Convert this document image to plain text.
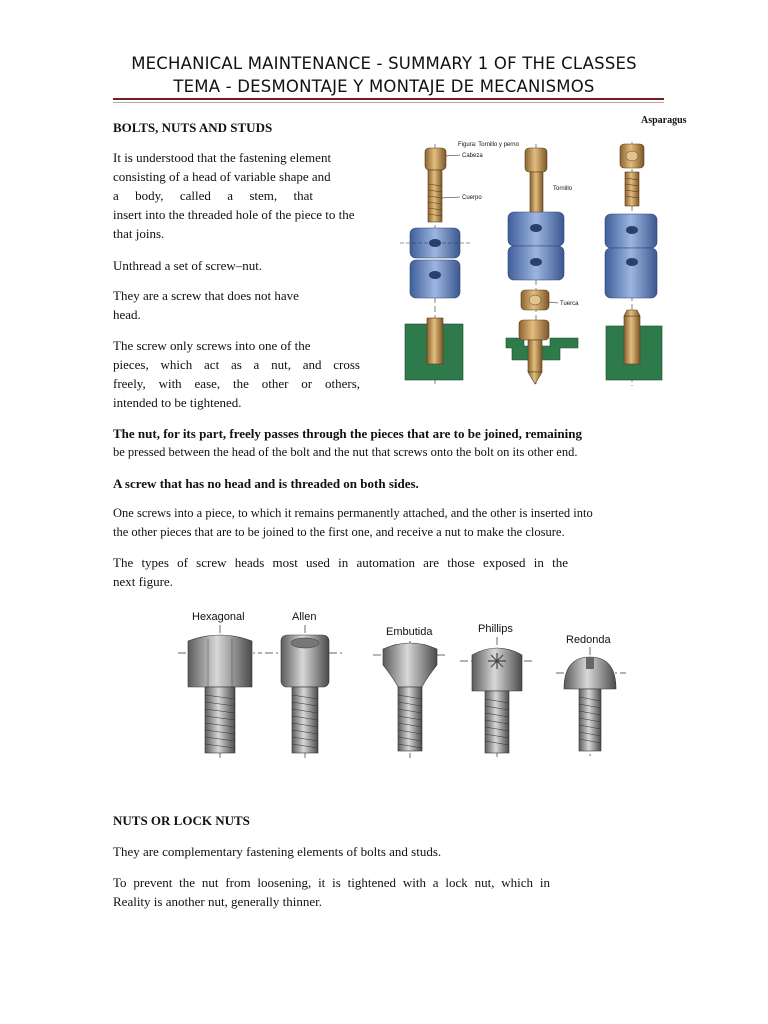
MECHANICAL MAINTENANCE - SUMMARY 1 OF THE CLASSES
TEMA - DESMONTAJE Y MONTAJE DE MECANISMOS
Asparagus
BOLTS, NUTS AND STUDS
It is understood that the fastening element
consisting of a head of variable shape and
a body, called a stem, that
insert into the threaded hole of the piece to the
that joins.
Unthread a set of screw–nut.
They are a screw that does not have
head.
The screw only screws into one of the
pieces, which act as a nut, and cross
freely, with ease, the other or others,
intended to be tightened.
The nut, for its part, freely passes through the pieces that are to be joined, remaining
be pressed between the head of the bolt and the nut that screws onto the bolt on its other end.
A screw that has no head and is threaded on both sides.
One screws into a piece, to which it remains permanently attached, and the other is inserted into
the other pieces that are to be joined to the first one, and receive a nut to make the closure.
The types of screw heads most used in automation are those exposed in the
next figure.
Figura: Tornillo y perno
Cabeza
Cuerpo
Tornillo
Tuerca
Hexagonal	Allen
Embutida	Phillips
Redonda
NUTS OR LOCK NUTS
They are complementary fastening elements of bolts and studs.
To prevent the nut from loosening, it is tightened with a lock nut, which in
Reality is another nut, generally thinner.
